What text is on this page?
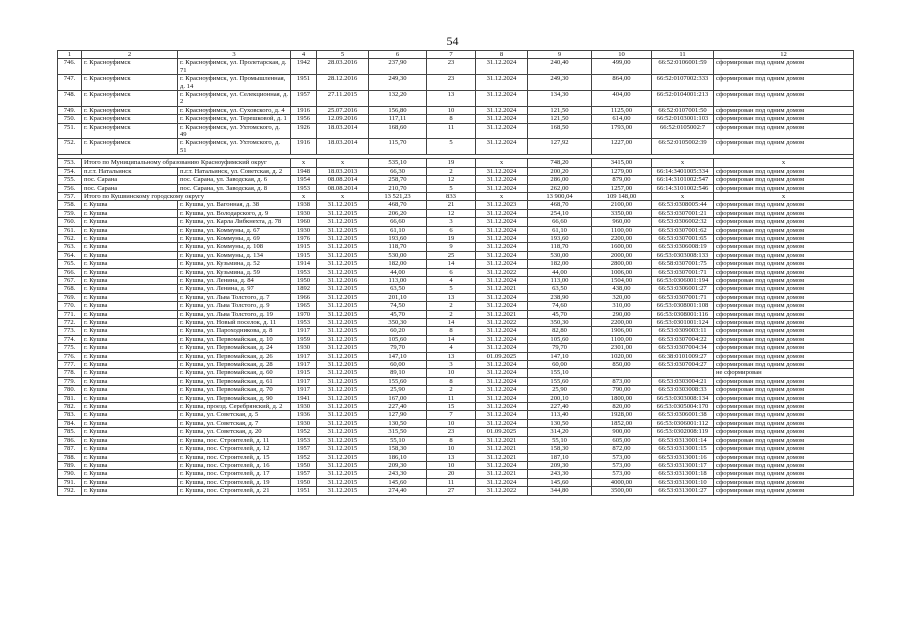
54
1	2	3	4	5	6	7	8	9	10	11	12
746.	г. Красноуфимск	г. Красноуфимск, ул. Пролетарская, д. 71	1942	28.03.2016	237,90	23	31.12.2024	240,40	499,00	66:52:0106001:59	сформирован под одним домом
747.	г. Красноуфимск	г. Красноуфимск, ул. Промышленная, д. 14	1951	28.12.2016	249,30	23	31.12.2024	249,30	864,00	66:52:0107002:333	сформирован под одним домом
748.	г. Красноуфимск	г. Красноуфимск, ул. Селекционная, д. 2	1957	27.11.2015	132,20	13	31.12.2024	134,30	404,00	66:52:0104001:213	сформирован под одним домом
749.	г. Красноуфимск	г. Красноуфимск, ул. Суховского, д. 4	1916	25.07.2016	156,80	10	31.12.2024	121,50	1125,00	66:52:0107001:50	сформирован под одним домом
750.	г. Красноуфимск	г. Красноуфимск, ул. Терешковой, д. 1	1956	12.09.2016	117,11	8	31.12.2024	121,50	614,00	66:52:0103001:103	сформирован под одним домом
751.	г. Красноуфимск	г. Красноуфимск, ул. Ухтомского, д. 49	1926	18.03.2014	168,60	11	31.12.2024	168,50	1793,00	66:52:0105002:7	сформирован под одним домом
752.	г. Красноуфимск	г. Красноуфимск, ул. Ухтомского, д. 51	1916	18.03.2014	115,70	5	31.12.2024	127,92	1227,00	66:52:0105002:39	сформирован под одним домом

753.	Итого по Муниципальному образованию Красноуфимский округ		x	x	535,10	19	x	748,20	3415,00	x	x
754.	п.г.т. Натальинск	п.г.т. Натальинск, ул. Советская, д. 2	1948	18.03.2013	66,30	2	31.12.2024	200,20	1279,00	66:14:3401005:334	сформирован под одним домом
755.	пос. Сарана	пос. Сарана, ул. Заводская, д. 6	1954	08.08.2014	258,70	12	31.12.2024	286,00	879,00	66:14:3101002:547	сформирован под одним домом
756.	пос. Сарана	пос. Сарана, ул. Заводская, д. 8	1953	08.08.2014	210,70	5	31.12.2024	262,00	1257,00	66:14:3101002:546	сформирован под одним домом
757.	Итого по Кушвинскому городскому округу		x	x	13 521,23	833	x	13 900,04	109 148,00	x	x
758.	г. Кушва	г. Кушва, ул. Вагонная, д. 38	1938	31.12.2015	468,70	21	31.12.2023	468,70	2100,00	66:53:0308005:44	сформирован под одним домом
759.	г. Кушва	г. Кушва, ул. Володарского, д. 9	1930	31.12.2015	206,20	12	31.12.2024	254,10	3350,00	66:53:0307001:21	сформирован под одним домом
760.	г. Кушва	г. Кушва, ул. Карла Либкнехта, д. 78	1960	31.12.2015	66,60	3	31.12.2024	66,60	960,00	66:53:0306002:32	сформирован под одним домом
761.	г. Кушва	г. Кушва, ул. Коммуны, д. 67	1930	31.12.2015	61,10	6	31.12.2024	61,10	1100,00	66:53:0307001:62	сформирован под одним домом
762.	г. Кушва	г. Кушва, ул. Коммуны, д. 69	1976	31.12.2015	193,60	19	31.12.2024	193,60	2200,00	66:53:0307001:65	сформирован под одним домом
763.	г. Кушва	г. Кушва, ул. Коммуны, д. 108	1915	31.12.2015	118,70	9	31.12.2024	118,70	1600,00	66:53:0306008:19	сформирован под одним домом
764.	г. Кушва	г. Кушва, ул. Коммуны, д. 134	1915	31.12.2015	530,00	25	31.12.2024	530,00	2000,00	66:53:0303008:133	сформирован под одним домом
765.	г. Кушва	г. Кушва, ул. Кузьмина, д. 52	1914	31.12.2015	182,00	14	31.12.2024	182,00	2800,00	66:58:0307001:75	сформирован под одним домом
766.	г. Кушва	г. Кушва, ул. Кузьмина, д. 59	1953	31.12.2015	44,00	6	31.12.2022	44,00	1006,00	66:53:0307001:71	сформирован под одним домом
767.	г. Кушва	г. Кушва, ул. Ленина, д. 84	1950	31.12.2016	113,00	4	31.12.2024	113,00	1504,00	66:53:0306001:194	сформирован под одним домом
768.	г. Кушва	г. Кушва, ул. Ленина, д. 97	1892	31.12.2015	63,50	5	31.12.2021	63,50	438,00	66:53:0306001:27	сформирован под одним домом
769.	г. Кушва	г. Кушва, ул. Льва Толстого, д. 7	1966	31.12.2015	201,10	13	31.12.2024	238,90	320,00	66:53:0307001:71	сформирован под одним домом
770.	г. Кушва	г. Кушва, ул. Льва Толстого, д. 9	1965	31.12.2015	74,50	2	31.12.2024	74,60	310,00	66:53:0308001:108	сформирован под одним домом
771.	г. Кушва	г. Кушва, ул. Льва Толстого, д. 19	1970	31.12.2015	45,70	2	31.12.2021	45,70	290,00	66:53:0308001:116	сформирован под одним домом
772.	г. Кушва	г. Кушва, ул. Новый поселок, д. 11	1953	31.12.2015	350,30	14	31.12.2022	350,30	2200,00	66:53:0301001:124	сформирован под одним домом
773.	г. Кушва	г. Кушва, ул. Пароходникова, д. 8	1917	31.12.2015	60,20	8	31.12.2024	82,80	1906,00	66:53:0309003:11	сформирован под одним домом
774.	г. Кушва	г. Кушва, ул. Первомайская, д. 10	1959	31.12.2015	105,60	14	31.12.2024	105,60	1100,00	66:53:0307004:22	сформирован под одним домом
775.	г. Кушва	г. Кушва, ул. Первомайская, д. 24	1930	31.12.2015	79,70	4	31.12.2024	79,70	2301,00	66:53:0307004:34	сформирован под одним домом
776.	г. Кушва	г. Кушва, ул. Первомайская, д. 26	1917	31.12.2015	147,10	13	01.09.2025	147,10	1020,00	66:38:0101009:27	сформирован под одним домом
777.	г. Кушва	г. Кушва, ул. Первомайская, д. 28	1917	31.12.2015	60,00	3	31.12.2024	60,00	850,00	66:53:0307004:27	сформирован под одним домом
778.	г. Кушва	г. Кушва, ул. Первомайская, д. 60	1915	31.12.2015	89,10	10	31.12.2024	155,10			не сформирован
779.	г. Кушва	г. Кушва, ул. Первомайская, д. 61	1917	31.12.2015	155,60	8	31.12.2024	155,60	873,00	66:53:0303004:21	сформирован под одним домом
780.	г. Кушва	г. Кушва, ул. Первомайская, д. 70	1917	31.12.2015	25,90	2	31.12.2024	25,90	790,00	66:53:0303008:33	сформирован под одним домом
781.	г. Кушва	г. Кушва, ул. Первомайская, д. 90	1941	31.12.2015	167,00	11	31.12.2024	200,10	1800,00	66:53:0303008:134	сформирован под одним домом
782.	г. Кушва	г. Кушва, проезд. Серебрянский, д. 2	1930	31.12.2015	227,40	15	31.12.2024	227,40	820,00	66:53:0305004:170	сформирован под одним домом
783.	г. Кушва	г. Кушва, ул. Советская, д. 5	1936	31.12.2015	127,90	7	31.12.2024	113,40	1928,00	66:53:0306001:38	сформирован под одним домом
784.	г. Кушва	г. Кушва, ул. Советская, д. 7	1930	31.12.2015	130,50	10	31.12.2024	130,50	1852,00	66:53:0306001:112	сформирован под одним домом
785.	г. Кушва	г. Кушва, ул. Советская, д. 20	1952	31.12.2015	315,50	23	01.09.2025	314,20	900,00	66:53:0302008:119	сформирован под одним домом
786.	г. Кушва	г. Кушва, пос. Строителей, д. 11	1953	31.12.2015	55,10	8	31.12.2021	55,10	605,00	66:53:0313001:14	сформирован под одним домом
787.	г. Кушва	г. Кушва, пос. Строителей, д. 12	1957	31.12.2015	158,30	10	31.12.2021	158,30	872,00	66:53:0313001:15	сформирован под одним домом
788.	г. Кушва	г. Кушва, пос. Строителей, д. 15	1952	31.12.2015	186,10	13	31.12.2021	187,10	573,00	66:53:0313001:16	сформирован под одним домом
789.	г. Кушва	г. Кушва, пос. Строителей, д. 16	1950	31.12.2015	209,30	10	31.12.2024	209,30	573,00	66:53:0313001:17	сформирован под одним домом
790.	г. Кушва	г. Кушва, пос. Строителей, д. 17	1957	31.12.2015	243,30	20	31.12.2021	243,30	573,00	66:53:0313001:18	сформирован под одним домом
791.	г. Кушва	г. Кушва, пос. Строителей, д. 19	1950	31.12.2015	145,60	11	31.12.2024	145,60	4000,00	66:53:0313001:10	сформирован под одним домом
792.	г. Кушва	г. Кушва, пос. Строителей, д. 21	1951	31.12.2015	274,40	27	31.12.2022	344,80	3500,00	66:53:0313001:27	сформирован под одним домом
